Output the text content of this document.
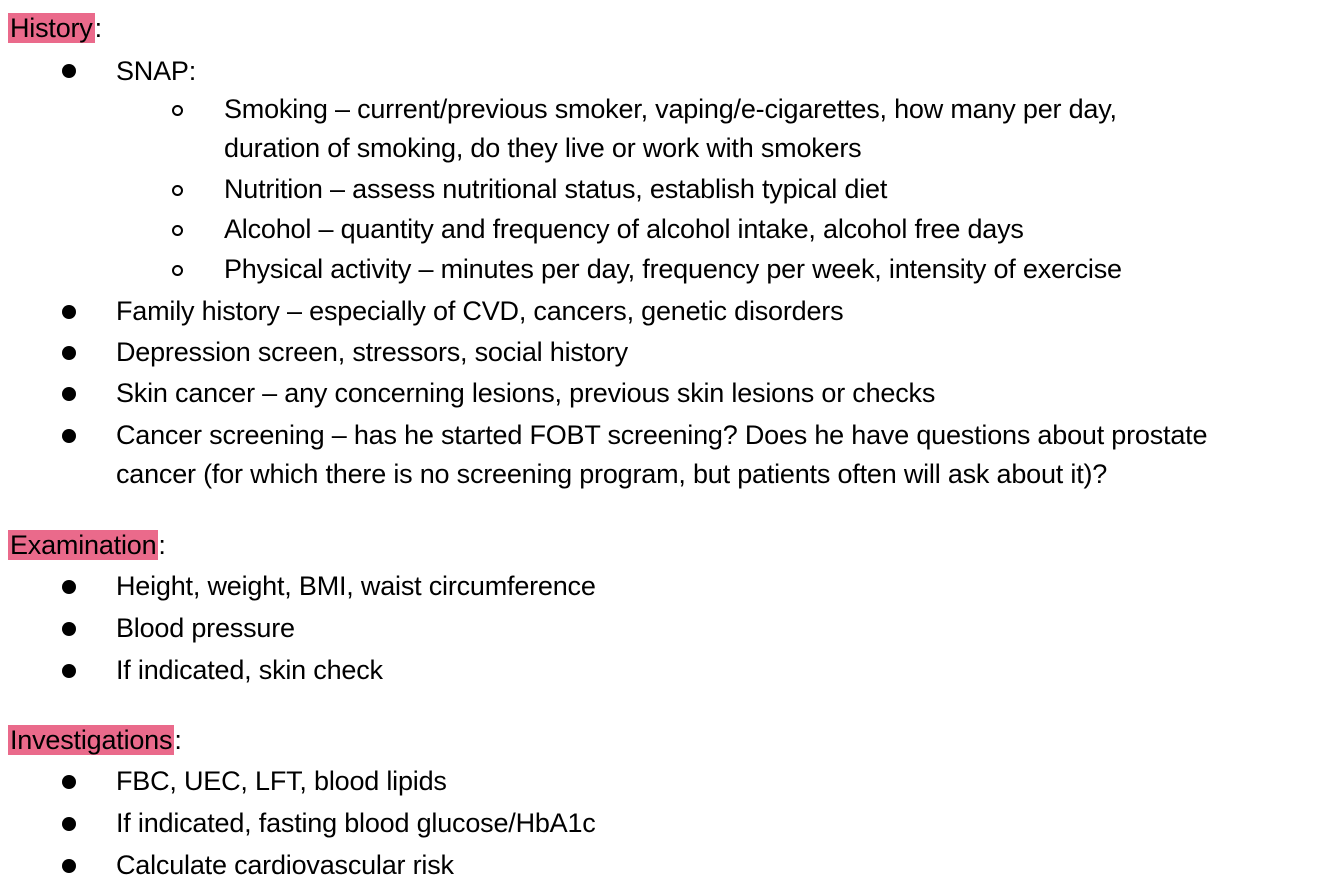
History:
SNAP:
Smoking – current/previous smoker, vaping/e-cigarettes, how many per day,
duration of smoking, do they live or work with smokers
Nutrition – assess nutritional status, establish typical diet
Alcohol – quantity and frequency of alcohol intake, alcohol free days
Physical activity – minutes per day, frequency per week, intensity of exercise
Family history – especially of CVD, cancers, genetic disorders
Depression screen, stressors, social history
Skin cancer – any concerning lesions, previous skin lesions or checks
Cancer screening – has he started FOBT screening? Does he have questions about prostate
cancer (for which there is no screening program, but patients often will ask about it)?
Examination:
Height, weight, BMI, waist circumference
Blood pressure
If indicated, skin check
Investigations:
FBC, UEC, LFT, blood lipids
If indicated, fasting blood glucose/HbA1c
Calculate cardiovascular risk
